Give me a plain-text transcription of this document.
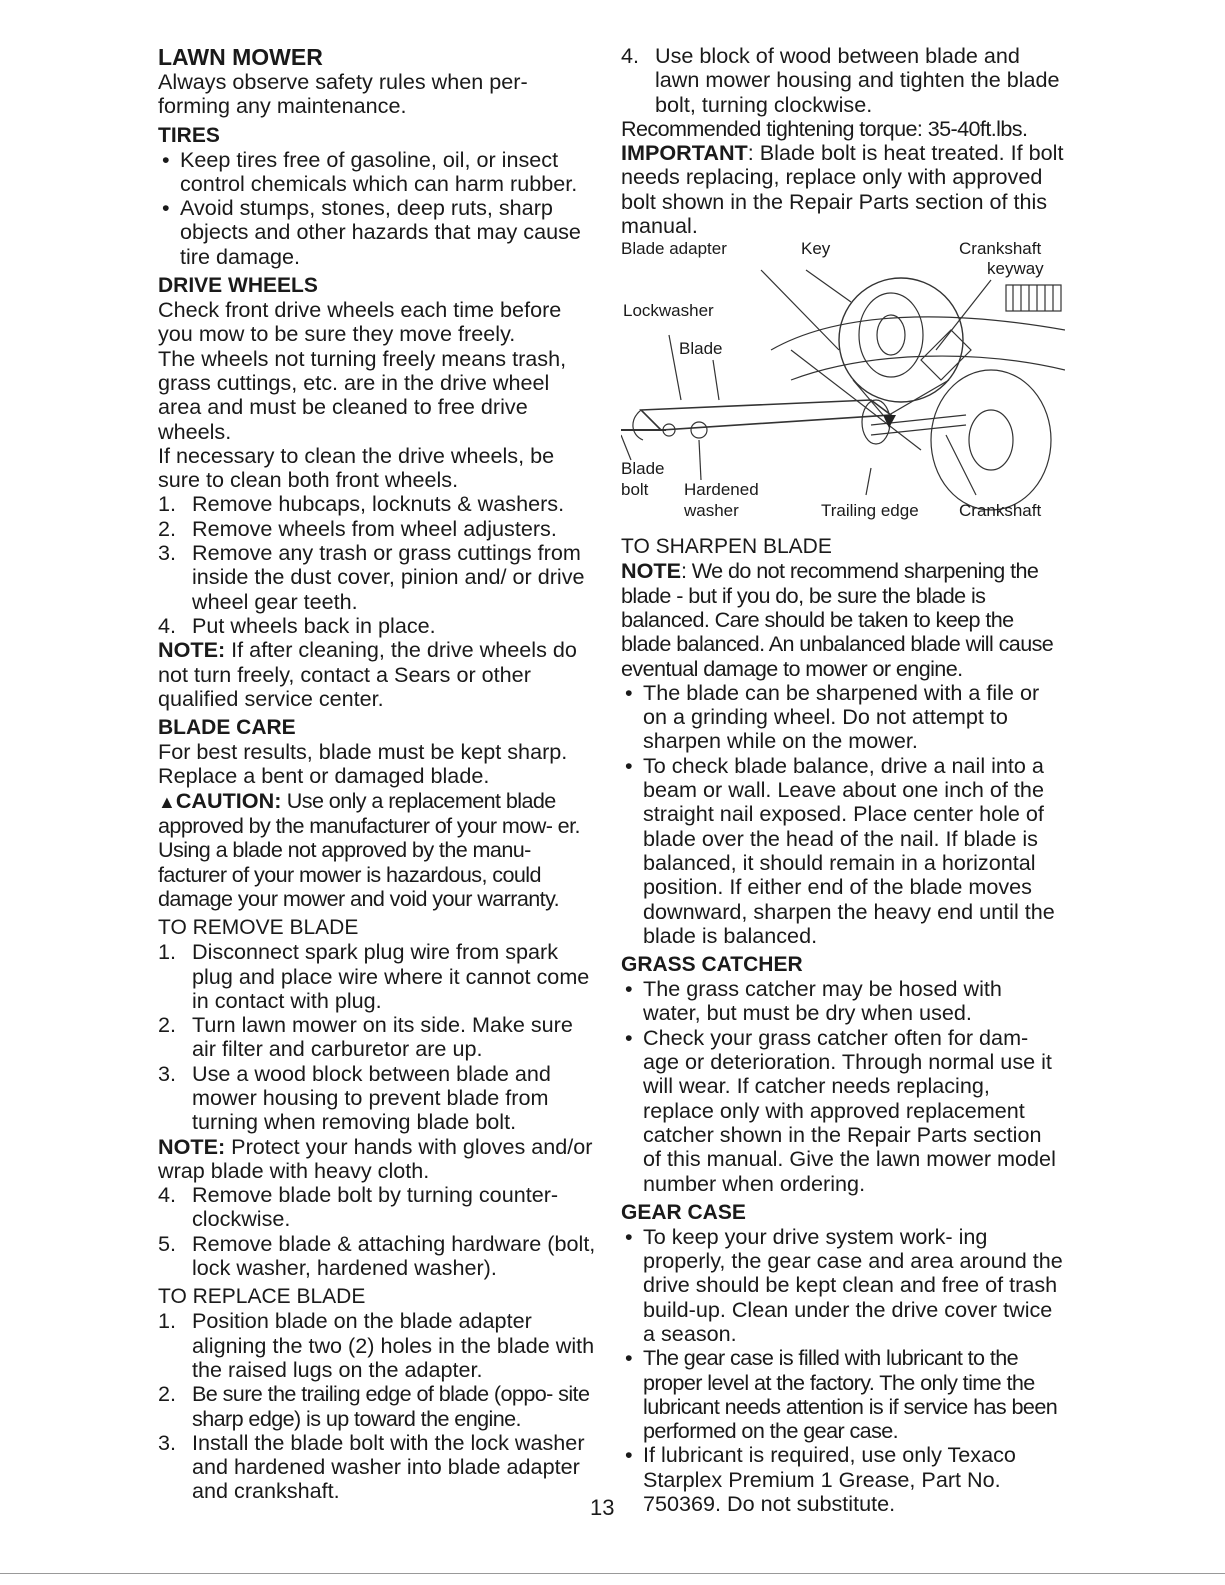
LAWN MOWER

Always observe safety rules when per- forming any maintenance.

TIRES
• Keep tires free of gasoline, oil, or insect control chemicals which can harm rubber.
• Avoid stumps, stones, deep ruts, sharp objects and other hazards that may cause tire damage.
DRIVE WHEELS

Check front drive wheels each time before you mow to be sure they move freely.

The wheels not turning freely means trash, grass cuttings, etc. are in the drive wheel area and must be cleaned to free drive wheels.

If necessary to clean the drive wheels, be sure to clean both front wheels.

1. Remove hubcaps, locknuts & washers.
2. Remove wheels from wheel adjusters.
3. Remove any trash or grass cuttings from inside the dust cover, pinion and/ or drive wheel gear teeth.
4. Put wheels back in place.

NOTE: If after cleaning, the drive wheels do not turn freely, contact a Sears or other qualified service center.

BLADE CARE

For best results, blade must be kept sharp. Replace a bent or damaged blade.

▲CAUTION: Use only a replacement blade approved by the manufacturer of your mow- er. Using a blade not approved by the manu- facturer of your mower is hazardous, could damage your mower and void your warranty.

TO REMOVE BLADE
1. Disconnect spark plug wire from spark plug and place wire where it cannot come in contact with plug.
2. Turn lawn mower on its side. Make sure air filter and carburetor are up.
3. Use a wood block between blade and mower housing to prevent blade from turning when removing blade bolt.

NOTE: Protect your hands with gloves and/or wrap blade with heavy cloth.

4. Remove blade bolt by turning counter- clockwise.
5. Remove blade & attaching hardware (bolt, lock washer, hardened washer).
TO REPLACE BLADE
1. Position blade on the blade adapter aligning the two (2) holes in the blade with the raised lugs on the adapter.
2. Be sure the trailing edge of blade (oppo- site sharp edge) is up toward the engine.
3. Install the blade bolt with the lock washer and hardened washer into blade adapter and crankshaft.
4. Use block of wood between blade and lawn mower housing and tighten the blade bolt, turning clockwise.

Recommended tightening torque: 35-40ft.lbs.

IMPORTANT: Blade bolt is heat treated. If bolt needs replacing, replace only with approved bolt shown in the Repair Parts section of this manual.

Blade adapter	Key	Crankshaft
keyway
Lockwasher
Blade
Blade
bolt Hardened
washer	Trailing edge Crankshaft
TO SHARPEN BLADE

NOTE: We do not recommend sharpening the blade - but if you do, be sure the blade is balanced. Care should be taken to keep the blade balanced. An unbalanced blade will cause eventual damage to mower or engine.

• The blade can be sharpened with a file or on a grinding wheel. Do not attempt to sharpen while on the mower.
• To check blade balance, drive a nail into a beam or wall. Leave about one inch of the straight nail exposed. Place center hole of blade over the head of the nail. If blade is balanced, it should remain in a horizontal position. If either end of the blade moves downward, sharpen the heavy end until the blade is balanced.
GRASS CATCHER
• The grass catcher may be hosed with water, but must be dry when used.
• Check your grass catcher often for dam- age or deterioration. Through normal use it will wear. If catcher needs replacing, replace only with approved replacement catcher shown in the Repair Parts section of this manual. Give the lawn mower model number when ordering.
GEAR CASE
• To keep your drive system work- ing properly, the gear case and area around the drive should be kept clean and free of trash build-up. Clean under the drive cover twice a season.
• The gear case is filled with lubricant to the proper level at the factory. The only time the lubricant needs attention is if service has been performed on the gear case.
• If lubricant is required, use only Texaco Starplex Premium 1 Grease, Part No. 750369. Do not substitute.
13
